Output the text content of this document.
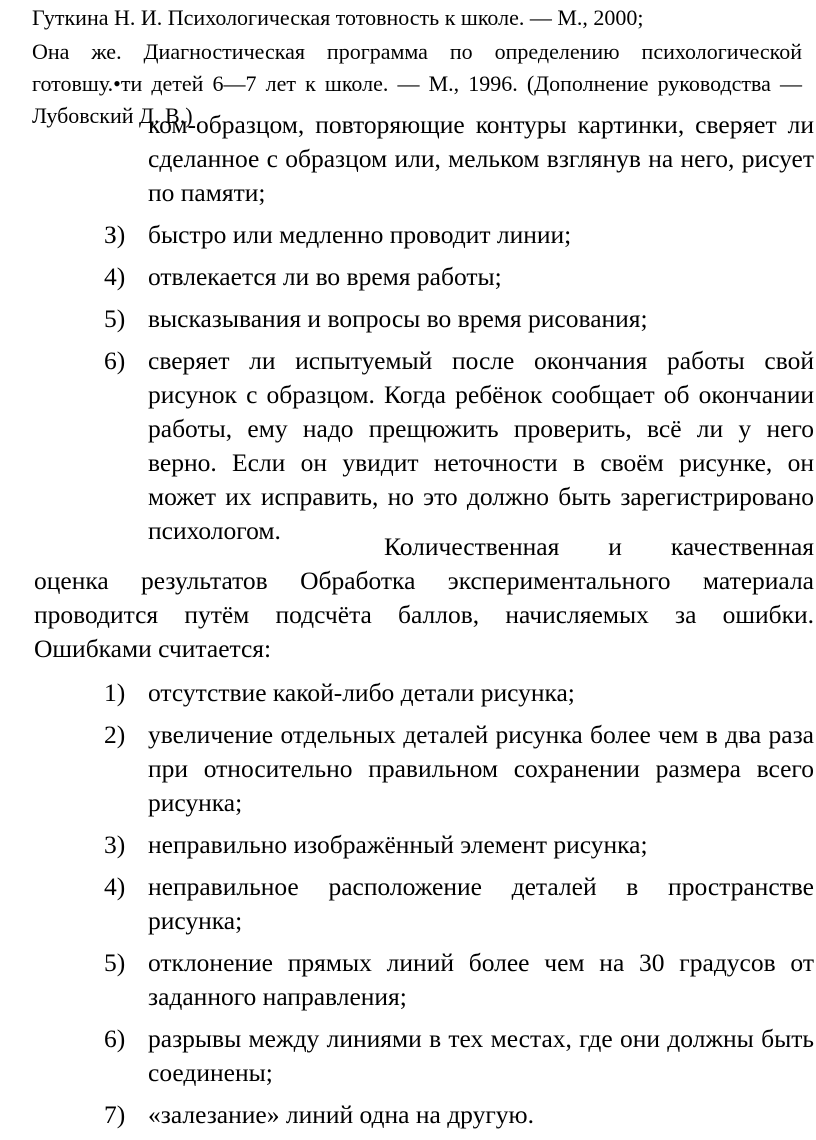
Гуткина Н. И. Психологическая тотовность к школе. — М., 2000;

Она же. Диагностическая программа по определению психологической готовшу.•ти детей 6—7 лет к школе. — М., 1996. (Дополнение руководства — Лубовский Д. В.)

ком-образцом, повторяющие контуры картинки, сверяет ли сделанное с образцом или, мельком взглянув на него, рисует по памяти;

З) быстро или медленно проводит линии;
4) отвлекается ли во время работы;
5) высказывания и вопросы во время рисования;
6) сверяет ли испытуемый после окончания работы свой рисунок с образцом. Когда ребёнок сообщает об окончании работы, ему надо прещюжить проверить, всё ли у него верно. Если он увидит неточности в своём рисунке, он может их исправить, но это должно быть зарегистрировано психологом.

Количественная и качественная

оценка результатов Обработка экспериментального материала проводится путём подсчёта баллов, начисляемых за ошибки. Ошибками считается:

1) отсутствие какой-либо детали рисунка;
2) увеличение отдельных деталей рисунка более чем в два раза при относительно правильном сохранении размера всего рисунка;
3) неправильно изображённый элемент рисунка;
4) неправильное расположение деталей в пространстве рисунка;
5) отклонение прямых линий более чем на 30 градусов от заданного направления;
6) разрывы между линиями в тех местах, где они должны быть соединены;
7) «залезание» линий одна на другую.
